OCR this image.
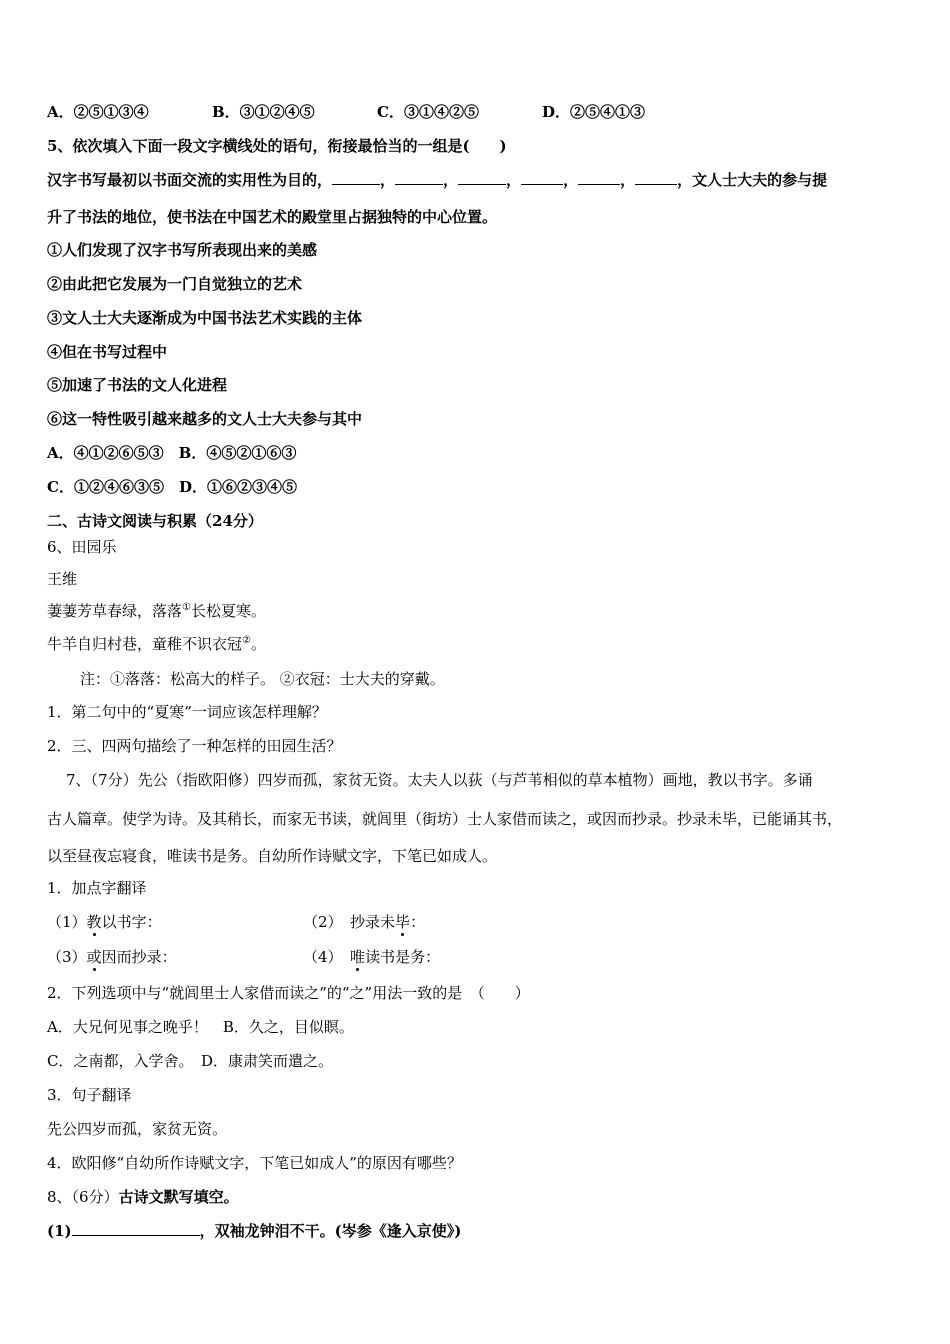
A．②⑤①③④	B．③①②④⑤	C．③①④②⑤	D．②⑤④①③
5、依次填入下面一段文字横线处的语句，衔接最恰当的一组是(　　)
汉字书写最初以书面交流的实用性为目的，	，	，	，	，	，	，文人士大夫的参与提
升了书法的地位，使书法在中国艺术的殿堂里占据独特的中心位置。
①人们发现了汉字书写所表现出来的美感
②由此把它发展为一门自觉独立的艺术
③文人士大夫逐渐成为中国书法艺术实践的主体
④但在书写过程中
⑤加速了书法的文人化进程
⑥这一特性吸引越来越多的文人士大夫参与其中
A．④①②⑥⑤③　B．④⑤②①⑥③
C．①②④⑥③⑤　D．①⑥②③④⑤
二、古诗文阅读与积累（24分）
6、田园乐
王维
萋萋芳草春绿，落落①长松夏寒。
牛羊自归村巷，童稚不识衣冠②。
注：①落落：松高大的样子。 ②衣冠：士大夫的穿戴。
1．第二句中的“夏寒”一词应该怎样理解？
2．三、四两句描绘了一种怎样的田园生活？
7、（7分）先公（指欧阳修）四岁而孤，家贫无资。太夫人以荻（与芦苇相似的草本植物）画地，教以书字。多诵
古人篇章。使学为诗。及其稍长，而家无书读，就闾里（街坊）士人家借而读之，或因而抄录。抄录未毕，已能诵其书，
以至昼夜忘寝食，唯读书是务。自幼所作诗赋文字，下笔已如成人。
1．加点字翻译
（1）教以书字：	（2）　抄录未毕：
（3）或因而抄录：	（4）　唯读书是务：
2．下列选项中与“就闾里士人家借而读之”的“之”用法一致的是　（　　）
A．大兄何见事之晚乎！　B．久之，目似瞑。
C．之南都，入学舍。　D．康肃笑而遣之。
3．句子翻译
先公四岁而孤，家贫无资。
4．欧阳修“自幼所作诗赋文字，下笔已如成人”的原因有哪些？
8、（6分）古诗文默写填空。
(1)	，双袖龙钟泪不干。(岑参《逢入京使》)
